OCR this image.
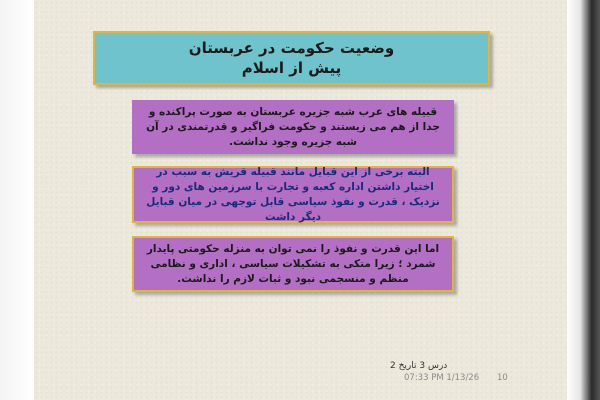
وضعیت حکومت در عربستان
پیش از اسلام
قبیله های عرب شبه جزیره عربستان به صورت پراکنده و جدا از هم می زیستند و حکومت فراگیر و قدرتمندی در آن شبه جزیره وجود نداشت.
البته برخی از این قبایل مانند قبیله قریش به سبب در اختیار داشتن اداره کعبه و تجارت با سرزمین های دور و نزدیک ، قدرت و نفوذ سیاسی قابل توجهی در میان قبایل دیگر داشت
اما این قدرت و نفوذ را نمی توان به منزله حکومتی پایدار شمرد ؛ زیرا متکی به تشکیلات سیاسی ، اداری و نظامی منظم و منسجمی نبود و ثبات لازم را نداشت.
درس 3 تاریخ 2
07:33 PM 1/13/26 10
